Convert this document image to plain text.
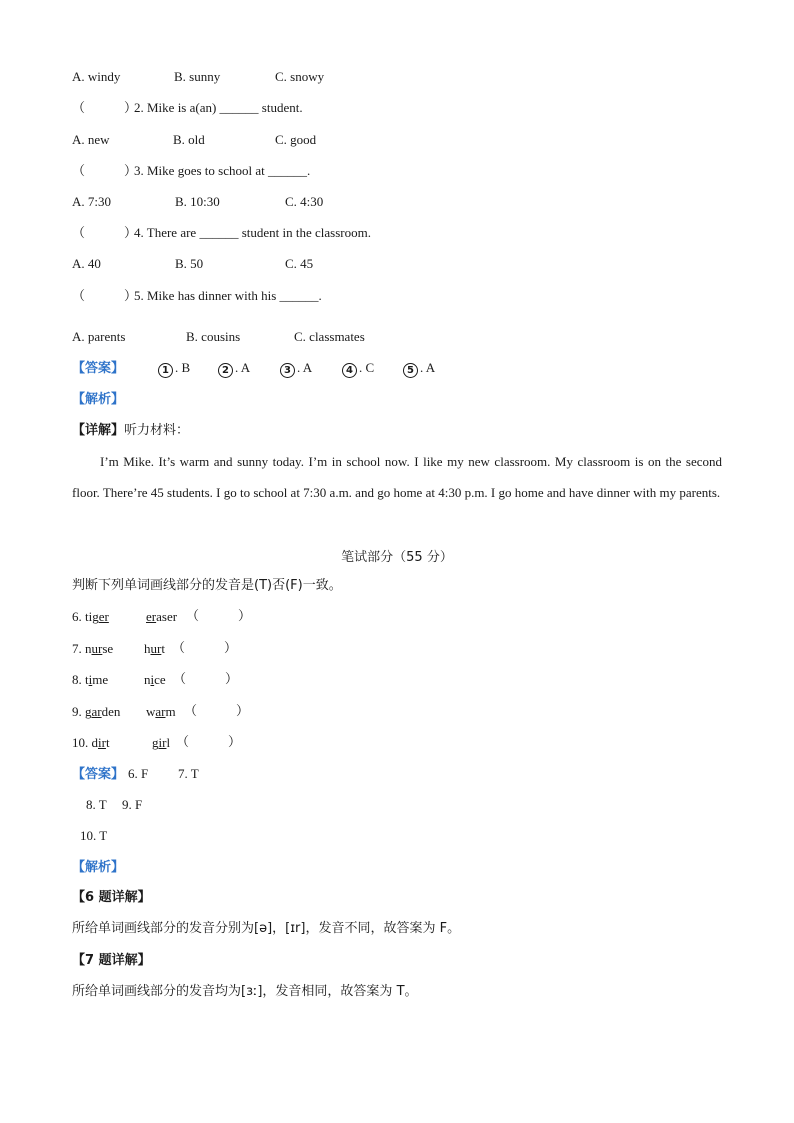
A. windy	B. sunny	C. snowy
（　　　）2. Mike is a(an) ______ student.
A. new	B. old	C. good
（　　　）3. Mike goes to school at ______.
A. 7:30	B. 10:30	C. 4:30
（　　　）4. There are ______ student in the classroom.
A. 40	B. 50	C. 45
（　　　）5. Mike has dinner with his ______.
A. parents	B. cousins	C. classmates
【答案】	1 . B	2 . A	3 . A	4 . C	5 . A
【解析】
【详解】听力材料：
I’m Mike. It’s warm and sunny today. I’m in school now. I like my new classroom. My classroom is on the second floor. There’re 45 students. I go to school at 7:30 a.m. and go home at 4:30 p.m. I go home and have dinner with my parents.
笔试部分（55 分）
判断下列单词画线部分的发音是(T)否(F)一致。
6. tiger	eraser （　　　）
7. nurse hurt （　　　）
8. time	nice （　　　）
9. garden warm （　　　）
10. dirt	girl （　　　）
【答案】 6. F 7. T
8. T 9. F
10. T
【解析】
【6 题详解】
所给单词画线部分的发音分别为[ə]，[ɪr]，发音不同，故答案为 F。
【7 题详解】
所给单词画线部分的发音均为[ɜː]，发音相同，故答案为 T。
